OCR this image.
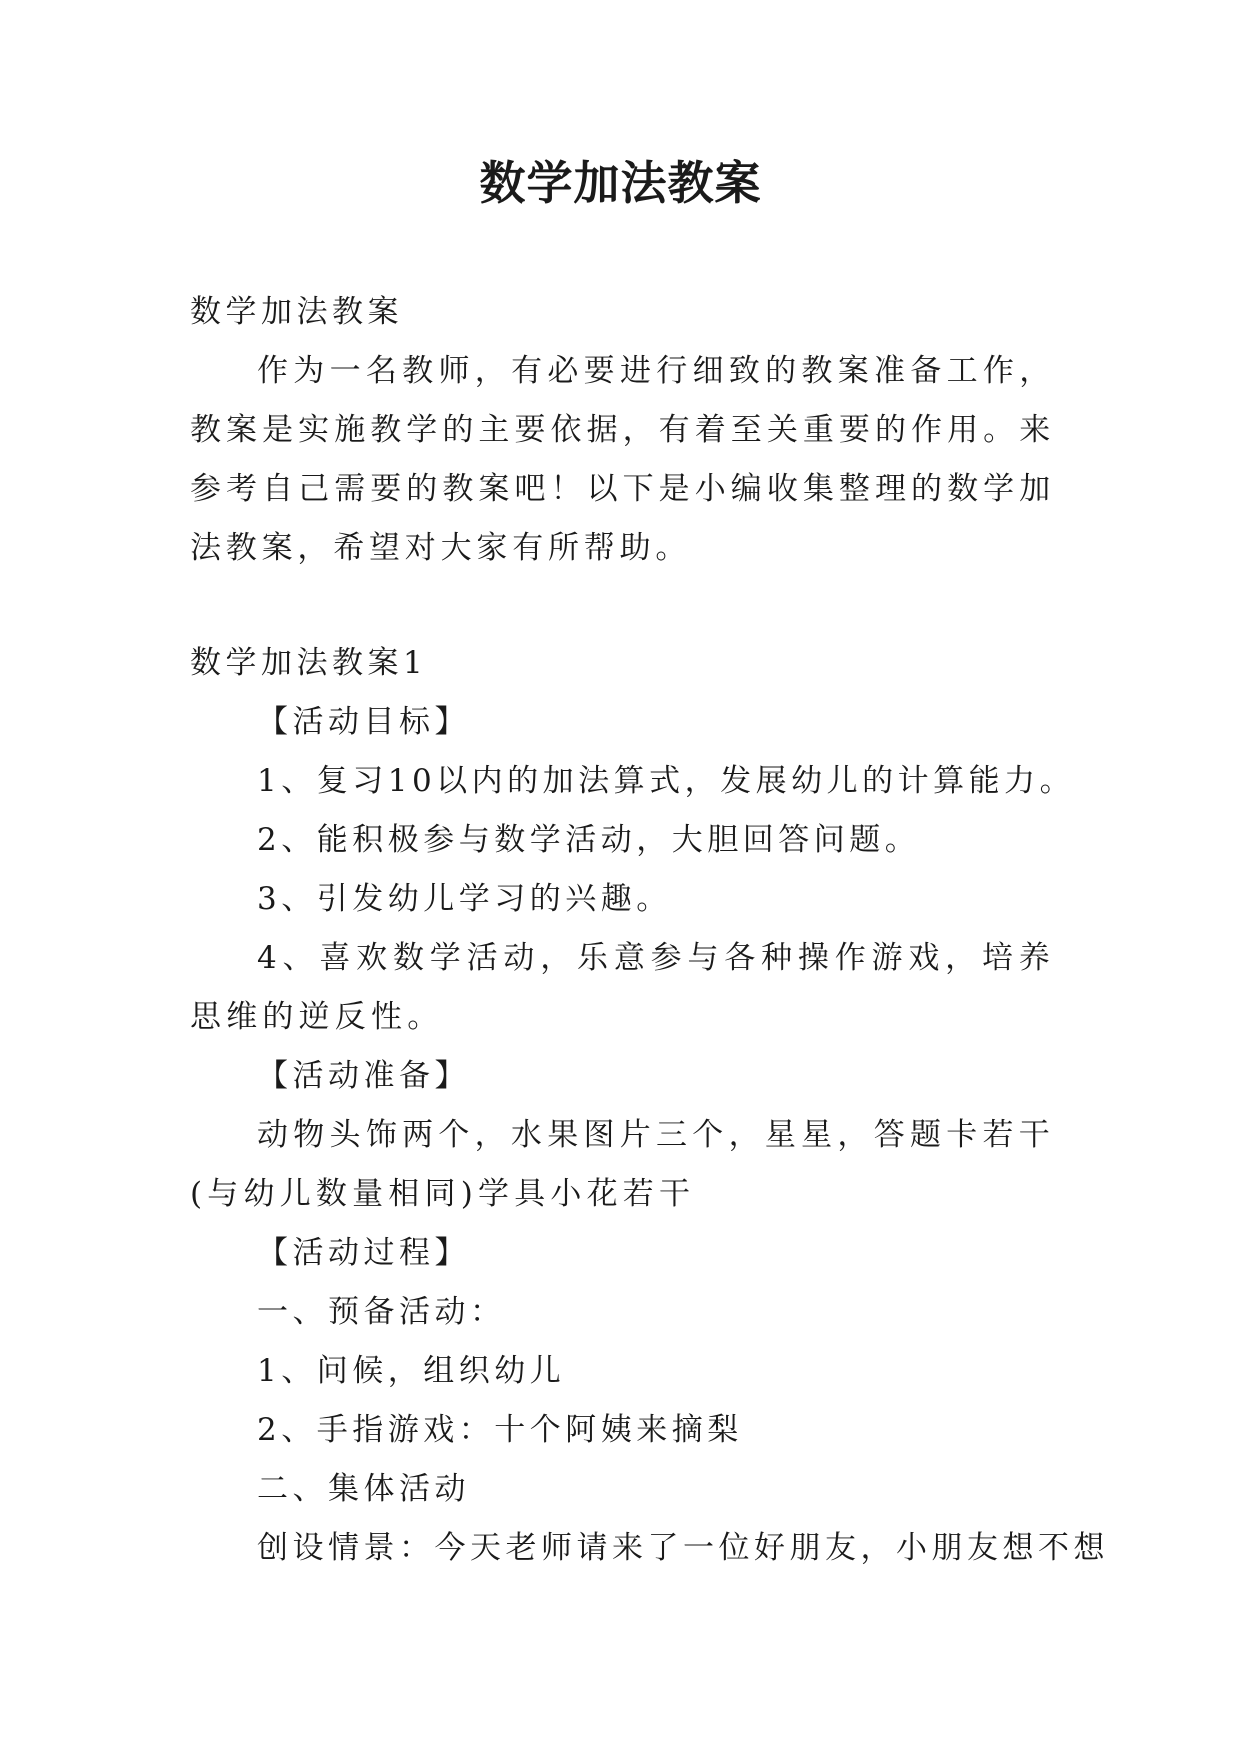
数学加法教案

数学加法教案

作为一名教师，有必要进行细致的教案准备工作，教案是实施教学的主要依据，有着至关重要的作用。来参考自己需要的教案吧！以下是小编收集整理的数学加法教案，希望对大家有所帮助。

数学加法教案1

【活动目标】

1、复习10以内的加法算式，发展幼儿的计算能力。

2、能积极参与数学活动，大胆回答问题。

3、引发幼儿学习的兴趣。

4、喜欢数学活动，乐意参与各种操作游戏，培养思维的逆反性。

【活动准备】

动物头饰两个，水果图片三个，星星，答题卡若干(与幼儿数量相同)学具小花若干

【活动过程】

一、预备活动：

1、问候，组织幼儿

2、手指游戏：十个阿姨来摘梨

二、集体活动

创设情景：今天老师请来了一位好朋友，小朋友想不想
